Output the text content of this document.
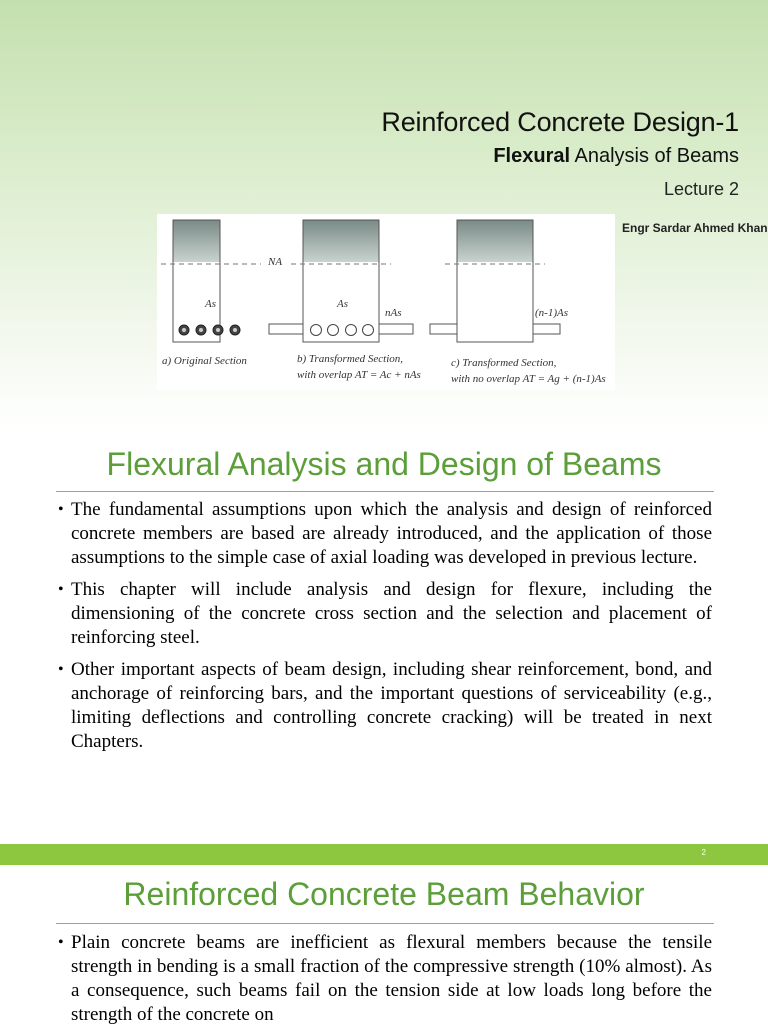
Reinforced Concrete Design-1
Flexural Analysis of Beams
Lecture 2
Engr Sardar Ahmed Khan
NA
As	As
nAs	(n-1)As
a) Original Section	b) Transformed Section,
with overlap AT = Ac + nAs
c) Transformed Section,
with no overlap AT = Ag + (n-1)As
Flexural Analysis and Design of Beams
• The fundamental assumptions upon which the analysis and design of reinforced concrete members are based are already introduced, and the application of those assumptions to the simple case of axial loading was developed in previous lecture.
• This chapter will include analysis and design for flexure, including the dimensioning of the concrete cross section and the selection and placement of reinforcing steel.
• Other important aspects of beam design, including shear reinforcement, bond, and anchorage of reinforcing bars, and the important questions of serviceability (e.g., limiting deflections and controlling concrete cracking) will be treated in next Chapters.
2
Reinforced Concrete Beam Behavior
• Plain concrete beams are inefficient as flexural members because the tensile strength in bending is a small fraction of the compressive strength (10% almost). As a consequence, such beams fail on the tension side at low loads long before the strength of the concrete on
